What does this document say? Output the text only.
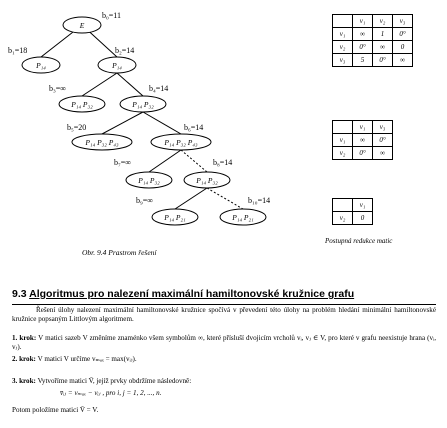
b₀=11
b₁=18	b₂=14
b₃=∞	b₄=14
b₅=20	b₆=14
b₇=∞	b₈=14
b₉=∞	b₁₀=14
E
P₁₄	P₁₄
P₁₄ P₃₂	P₁₄ P₃₂
P₁₄ P₃₂ P₄₃	P₁₄ P₃₂ P₄₃
P₁₄ P₃₂	P₁₄ P₃₂
P₁₄ P₂₁	P₁₄ P₂₁
Obr. 9.4 Prastrom řešení
	v₁	v₂	v₃
v₁	∞	1	0°
v₂	0°	∞	0
v₃	5	0°	∞
	v₁	v₃
v₁	∞	0°
v₂	0°	∞
	v₁
v₂	0
Postupná redukce matic
9.3 Algoritmus pro nalezení maximální hamiltonovské kružnice grafu
Řešení úlohy nalezení maximální hamiltonovské kružnice spočívá v převedení této úlohy na problém hledání minimální hamiltonovské kružnice popsaným Littlovým algoritmem.
1. krok: V matici sazeb V změníme znaménko všem symbolům ∞, které přísluší dvojicím vrcholů vᵢ, vⱼ ∈ V, pro které v grafu neexistuje hrana (vᵢ, vⱼ).
2. krok: V matici V určíme vₘₐₓ = max(vᵢⱼ).
3. krok: Vytvoříme matici V̄, jejíž prvky obdržíme následovně:
v̄ᵢⱼ = vₘₐₓ − vᵢⱼ , pro i, j = 1, 2, ..., n.
Potom položíme matici V̄ = V.
